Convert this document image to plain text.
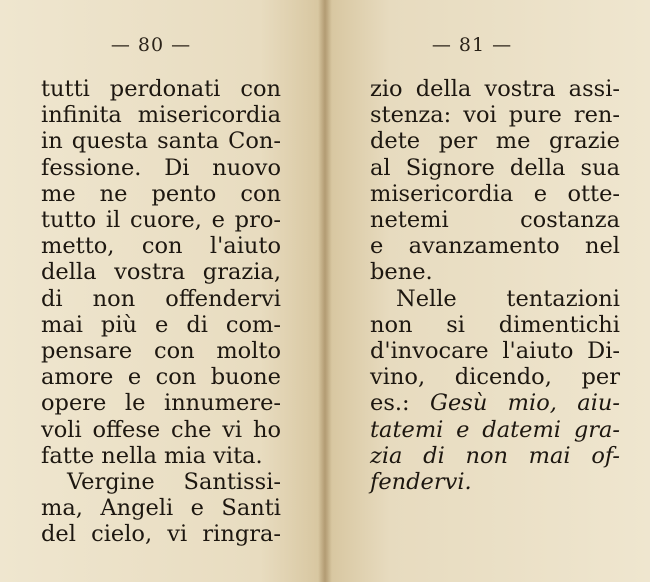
— 80 —
tutti perdonati con
infinita misericordia
in questa santa Con-
fessione. Di nuovo
me ne pento con
tutto il cuore, e pro-
metto, con l'aiuto
della vostra grazia,
di non offendervi
mai più e di com-
pensare con molto
amore e con buone
opere le innumere-
voli offese che vi ho
fatte nella mia vita.
Vergine Santissi-
ma, Angeli e Santi
del cielo, vi ringra-
— 81 —
zio della vostra assi-
stenza: voi pure ren-
dete per me grazie
al Signore della sua
misericordia e otte-
netemi costanza
e avanzamento nel
bene.
Nelle tentazioni
non si dimentichi
d'invocare l'aiuto Di-
vino, dicendo, per
es.: Gesù mio, aiu-
tatemi e datemi gra-
zia di non mai of-
fendervi.
